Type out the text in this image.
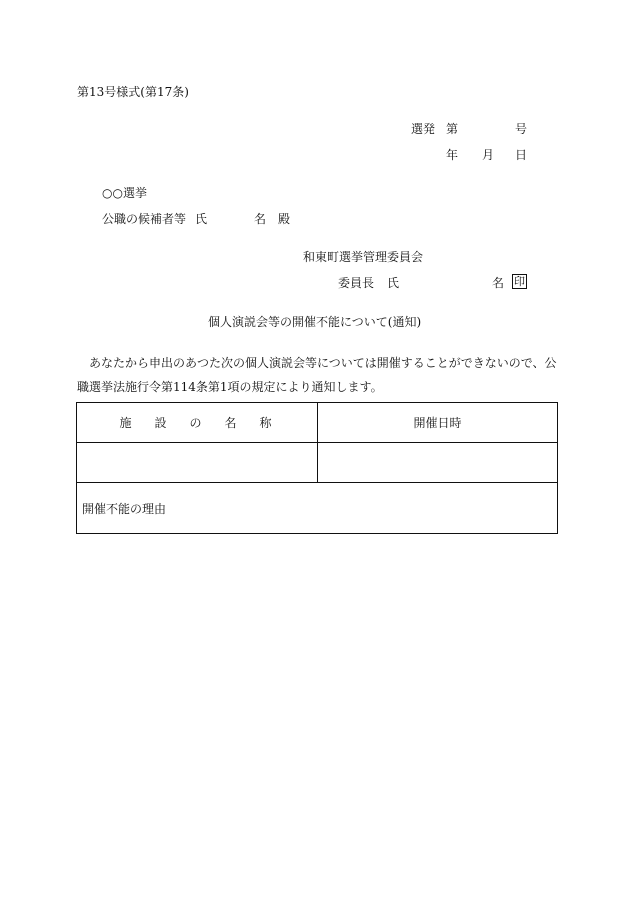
第13号様式(第17条)
選発 第	号
年 月 日
○○選挙
公職の候補者等 氏	名 殿
和東町選挙管理委員会
委員長 氏	名 印
個人演説会等の開催不能について(通知)
あなたから申出のあつた次の個人演説会等については開催することができないので、公職選挙法施行令第114条第1項の規定により通知します。
施設の名称	開催日時

開催不能の理由	
